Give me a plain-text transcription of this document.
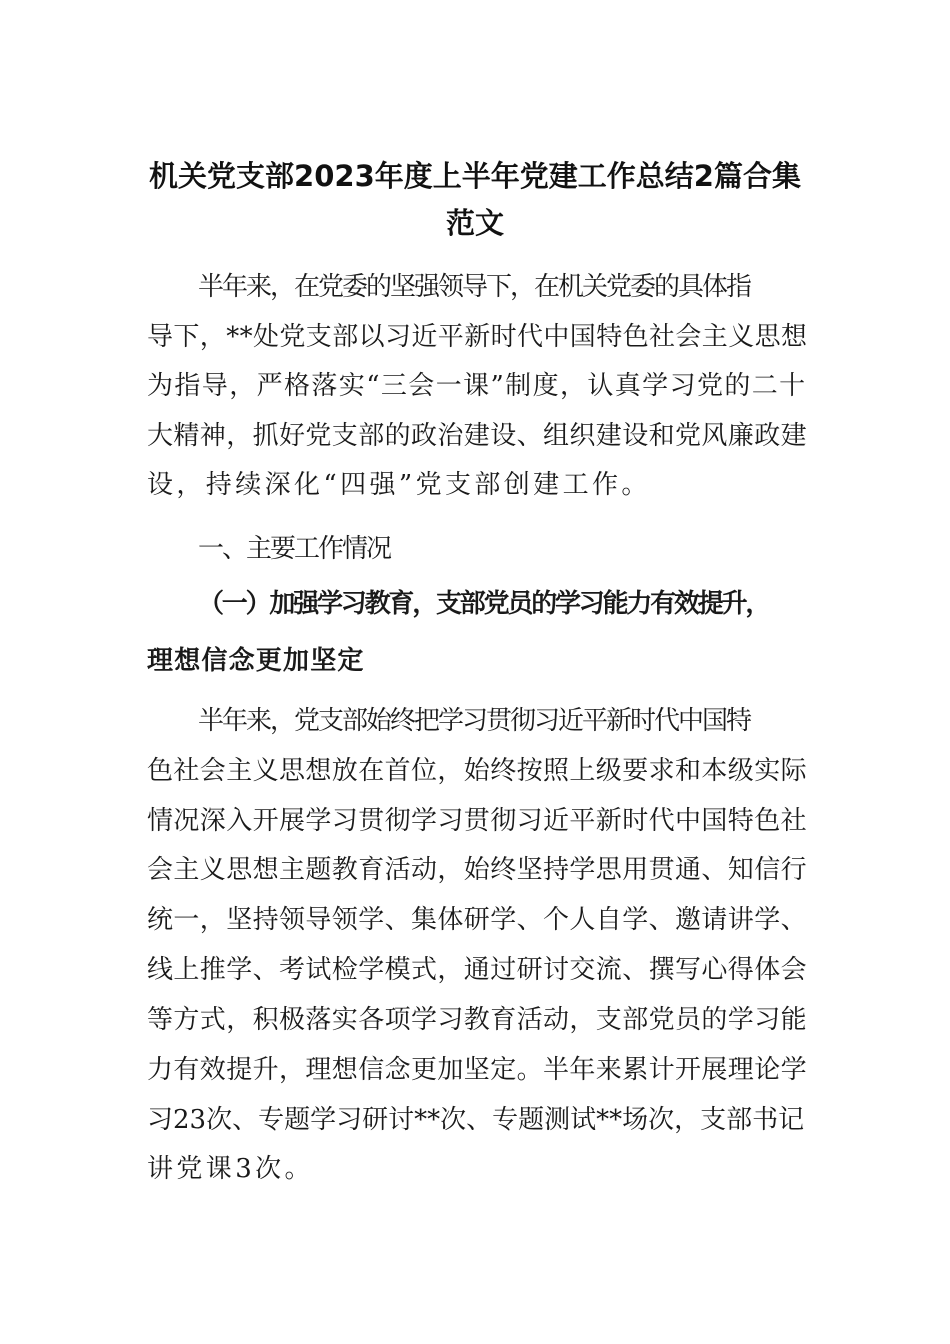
机关党支部2023年度上半年党建工作总结2篇合集
范文
半年来，在党委的坚强领导下，在机关党委的具体指
导下，**处党支部以习近平新时代中国特色社会主义思想
为指导，严格落实“三会一课”制度，认真学习党的二十
大精神，抓好党支部的政治建设、组织建设和党风廉政建
设，持续深化“四强”党支部创建工作。
一、主要工作情况
（一）加强学习教育，支部党员的学习能力有效提升，
理想信念更加坚定
半年来，党支部始终把学习贯彻习近平新时代中国特
色社会主义思想放在首位，始终按照上级要求和本级实际
情况深入开展学习贯彻学习贯彻习近平新时代中国特色社
会主义思想主题教育活动，始终坚持学思用贯通、知信行
统一，坚持领导领学、集体研学、个人自学、邀请讲学、
线上推学、考试检学模式，通过研讨交流、撰写心得体会
等方式，积极落实各项学习教育活动，支部党员的学习能
力有效提升，理想信念更加坚定。半年来累计开展理论学
习23次、专题学习研讨**次、专题测试**场次，支部书记
讲党课3次。
